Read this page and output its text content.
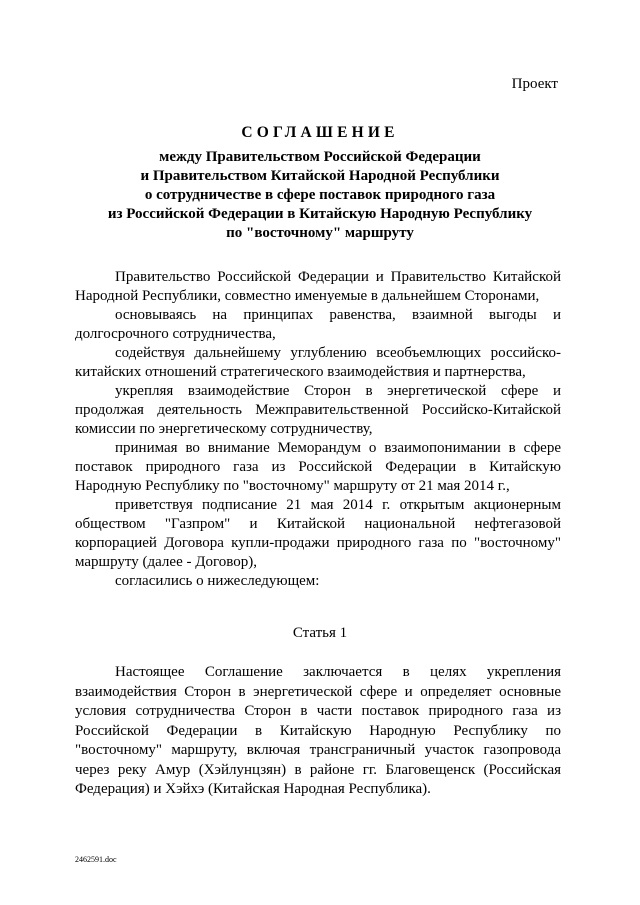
Проект
СОГЛАШЕНИЕ
между Правительством Российской Федерации
и Правительством Китайской Народной Республики
о сотрудничестве в сфере поставок природного газа
из Российской Федерации в Китайскую Народную Республику
по "восточному" маршруту

Правительство Российской Федерации и Правительство Китайской Народной Республики, совместно именуемые в дальнейшем Сторонами,

основываясь на принципах равенства, взаимной выгоды и долгосрочного сотрудничества,

содействуя дальнейшему углублению всеобъемлющих российско-китайских отношений стратегического взаимодействия и партнерства,

укрепляя взаимодействие Сторон в энергетической сфере и продолжая деятельность Межправительственной Российско-Китайской комиссии по энергетическому сотрудничеству,

принимая во внимание Меморандум о взаимопонимании в сфере поставок природного газа из Российской Федерации в Китайскую Народную Республику по "восточному" маршруту от 21 мая 2014 г.,

приветствуя подписание 21 мая 2014 г. открытым акционерным обществом "Газпром" и Китайской национальной нефтегазовой корпорацией Договора купли-продажи природного газа по "восточному" маршруту (далее - Договор),

согласились о нижеследующем:

Статья 1

Настоящее Соглашение заключается в целях укрепления взаимодействия Сторон в энергетической сфере и определяет основные условия сотрудничества Сторон в части поставок природного газа из Российской Федерации в Китайскую Народную Республику по "восточному" маршруту, включая трансграничный участок газопровода через реку Амур (Хэйлунцзян) в районе гг. Благовещенск (Российская Федерация) и Хэйхэ (Китайская Народная Республика).

2462591.doc
